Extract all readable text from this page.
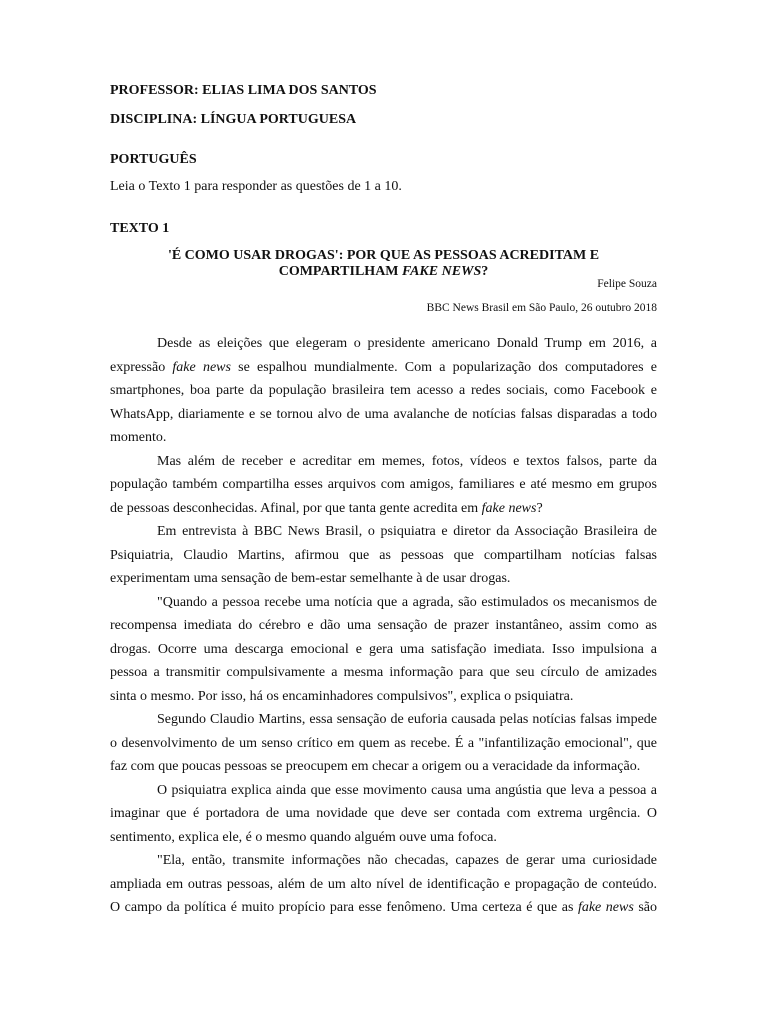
PROFESSOR: ELIAS LIMA DOS SANTOS

DISCIPLINA: LÍNGUA PORTUGUESA

PORTUGUÊS

Leia o Texto 1 para responder as questões de 1 a 10.

TEXTO 1

'É COMO USAR DROGAS': POR QUE AS PESSOAS ACREDITAM E

COMPARTILHAM FAKE NEWS?

Felipe Souza

BBC News Brasil em São Paulo, 26 outubro 2018

Desde as eleições que elegeram o presidente americano Donald Trump em 2016, a
expressão fake news se espalhou mundialmente. Com a popularização dos computadores e
smartphones, boa parte da população brasileira tem acesso a redes sociais, como Facebook e
WhatsApp, diariamente e se tornou alvo de uma avalanche de notícias falsas disparadas a todo
momento.
Mas além de receber e acreditar em memes, fotos, vídeos e textos falsos, parte da
população também compartilha esses arquivos com amigos, familiares e até mesmo em grupos
de pessoas desconhecidas. Afinal, por que tanta gente acredita em fake news?
Em entrevista à BBC News Brasil, o psiquiatra e diretor da Associação Brasileira de
Psiquiatria, Claudio Martins, afirmou que as pessoas que compartilham notícias falsas
experimentam uma sensação de bem-estar semelhante à de usar drogas.
"Quando a pessoa recebe uma notícia que a agrada, são estimulados os mecanismos de
recompensa imediata do cérebro e dão uma sensação de prazer instantâneo, assim como as
drogas. Ocorre uma descarga emocional e gera uma satisfação imediata. Isso impulsiona a
pessoa a transmitir compulsivamente a mesma informação para que seu círculo de amizades
sinta o mesmo. Por isso, há os encaminhadores compulsivos", explica o psiquiatra.
Segundo Claudio Martins, essa sensação de euforia causada pelas notícias falsas impede
o desenvolvimento de um senso crítico em quem as recebe. É a "infantilização emocional", que
faz com que poucas pessoas se preocupem em checar a origem ou a veracidade da informação.
O psiquiatra explica ainda que esse movimento causa uma angústia que leva a pessoa a
imaginar que é portadora de uma novidade que deve ser contada com extrema urgência. O
sentimento, explica ele, é o mesmo quando alguém ouve uma fofoca.
"Ela, então, transmite informações não checadas, capazes de gerar uma curiosidade
ampliada em outras pessoas, além de um alto nível de identificação e propagação de conteúdo.
O campo da política é muito propício para esse fenômeno. Uma certeza é que as fake news são
